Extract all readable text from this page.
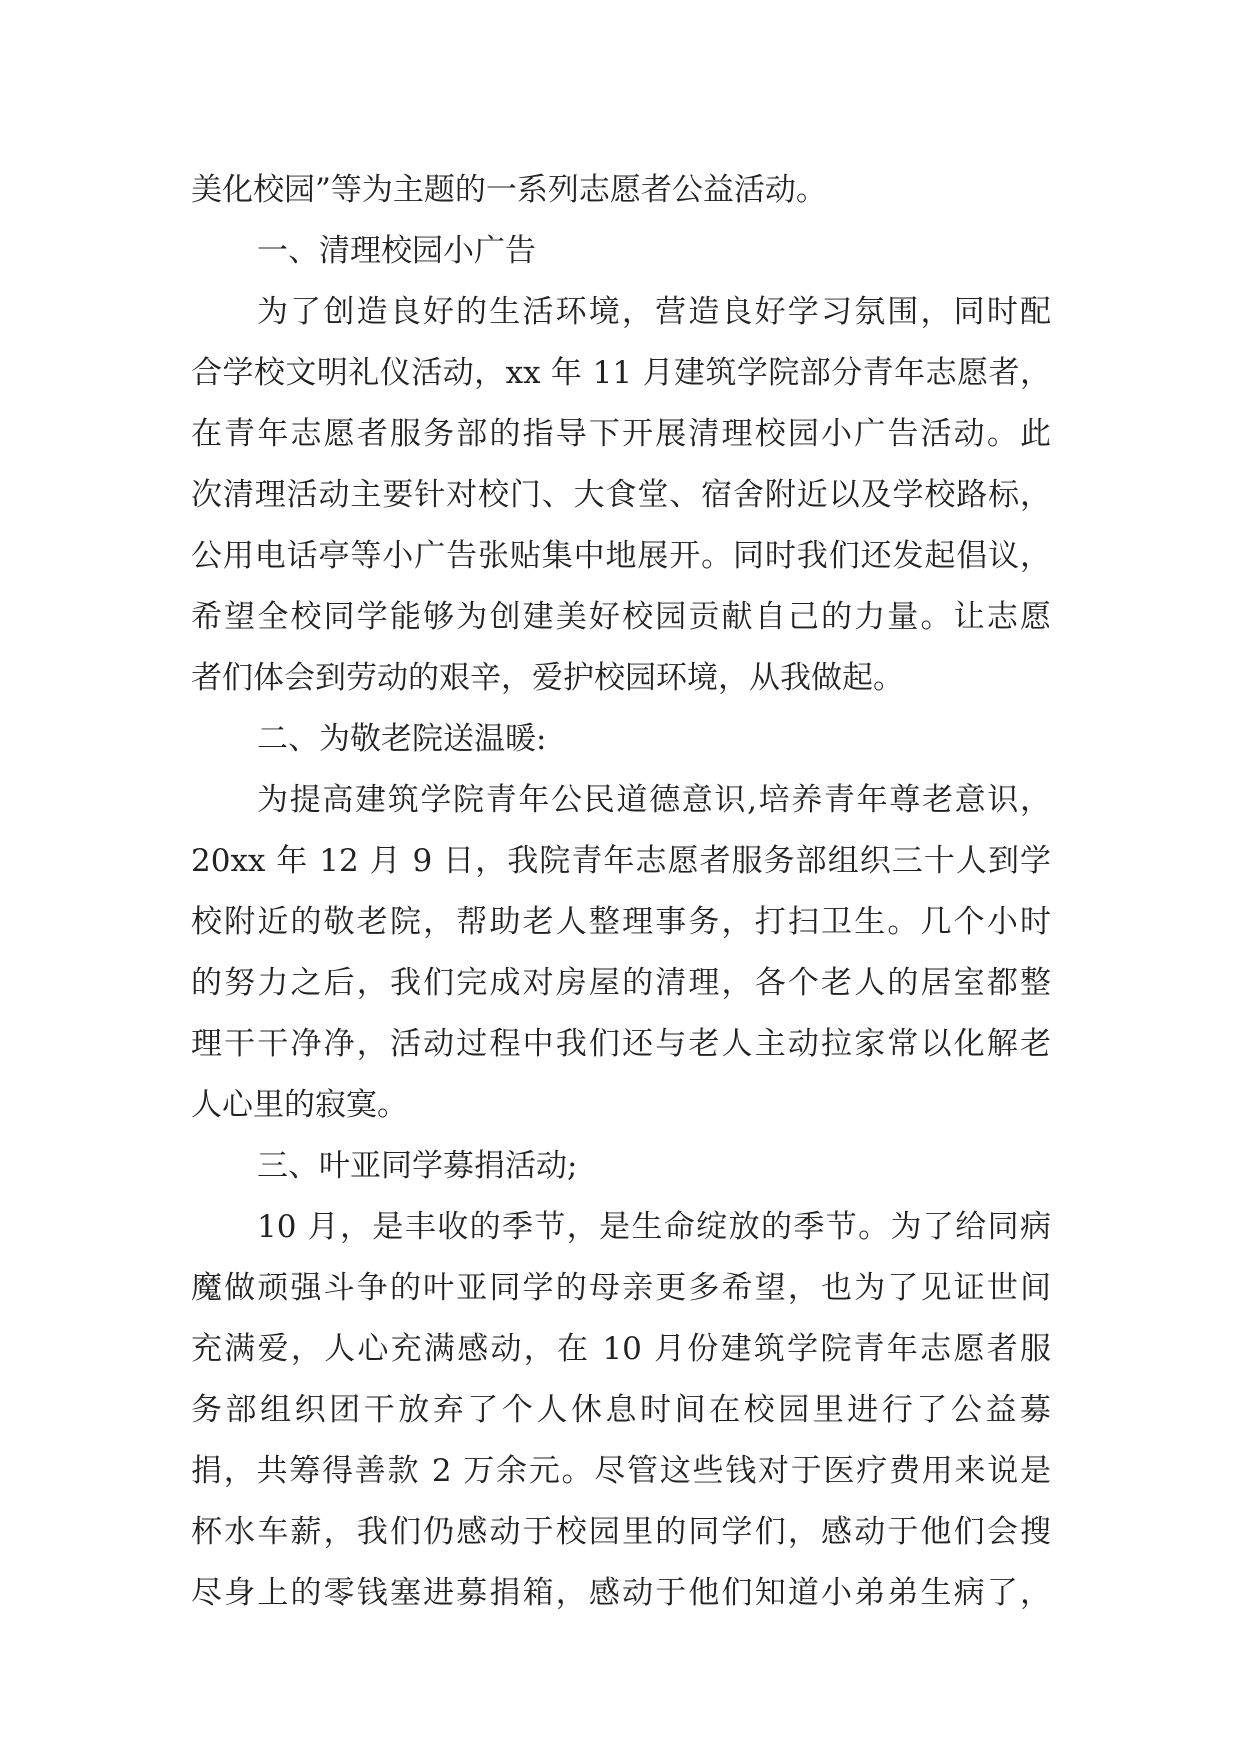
美化校园”等为主题的一系列志愿者公益活动。
一、清理校园小广告
为了创造良好的生活环境，营造良好学习氛围，同时配
合学校文明礼仪活动，xx 年 11 月建筑学院部分青年志愿者，
在青年志愿者服务部的指导下开展清理校园小广告活动。此
次清理活动主要针对校门、大食堂、宿舍附近以及学校路标，
公用电话亭等小广告张贴集中地展开。同时我们还发起倡议，
希望全校同学能够为创建美好校园贡献自己的力量。让志愿
者们体会到劳动的艰辛，爱护校园环境，从我做起。
二、为敬老院送温暖:
为提高建筑学院青年公民道德意识,培养青年尊老意识，
20xx 年 12 月 9 日，我院青年志愿者服务部组织三十人到学
校附近的敬老院，帮助老人整理事务，打扫卫生。几个小时
的努力之后，我们完成对房屋的清理，各个老人的居室都整
理干干净净，活动过程中我们还与老人主动拉家常以化解老
人心里的寂寞。
三、叶亚同学募捐活动;
10 月，是丰收的季节，是生命绽放的季节。为了给同病
魔做顽强斗争的叶亚同学的母亲更多希望，也为了见证世间
充满爱，人心充满感动，在 10 月份建筑学院青年志愿者服
务部组织团干放弃了个人休息时间在校园里进行了公益募
捐，共筹得善款 2 万余元。尽管这些钱对于医疗费用来说是
杯水车薪，我们仍感动于校园里的同学们，感动于他们会搜
尽身上的零钱塞进募捐箱，感动于他们知道小弟弟生病了，
